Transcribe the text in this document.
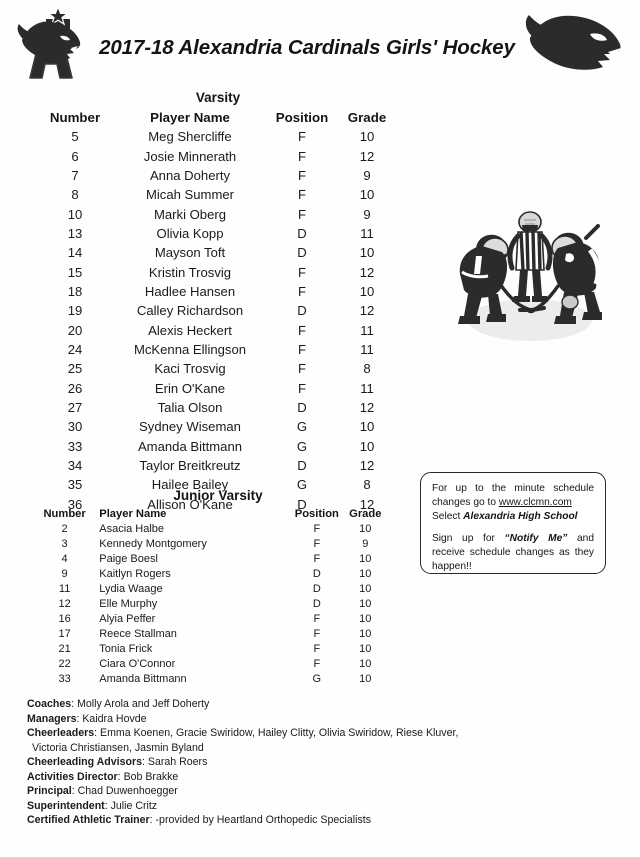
2017-18 Alexandria Cardinals Girls' Hockey
Varsity
Number	Player Name	Position	Grade
5	Meg Shercliffe	F	10
6	Josie Minnerath	F	12
7	Anna Doherty	F	9
8	Micah Summer	F	10
10	Marki Oberg	F	9
13	Olivia Kopp	D	11
14	Mayson Toft	D	10
15	Kristin Trosvig	F	12
18	Hadlee Hansen	F	10
19	Calley Richardson	D	12
20	Alexis Heckert	F	11
24	McKenna Ellingson	F	11
25	Kaci Trosvig	F	8
26	Erin O'Kane	F	11
27	Talia Olson	D	12
30	Sydney Wiseman	G	10
33	Amanda Bittmann	G	10
34	Taylor Breitkreutz	D	12
35	Hailee Bailey	G	8
36	Allison O'Kane	D	12
Junior Varsity
Number	Player Name	Position	Grade
2	Asacia Halbe	F	10
3	Kennedy Montgomery	F	9
4	Paige Boesl	F	10
9	Kaitlyn Rogers	D	10
11	Lydia Waage	D	10
12	Elle Murphy	D	10
16	Alyia Peffer	F	10
17	Reece Stallman	F	10
21	Tonia Frick	F	10
22	Ciara O'Connor	F	10
33	Amanda Bittmann	G	10

For up to the minute schedule changes go to www.clcmn.com
Select Alexandria High School

Sign up for “Notify Me” and receive schedule changes as they happen!!

Coaches: Molly Arola and Jeff Doherty
Managers: Kaidra Hovde
Cheerleaders: Emma Koenen, Gracie Swiridow, Hailey Clitty, Olivia Swiridow, Riese Kluver,
Victoria Christiansen, Jasmin Byland
Cheerleading Advisors: Sarah Roers
Activities Director: Bob Brakke
Principal: Chad Duwenhoegger
Superintendent: Julie Critz
Certified Athletic Trainer: -provided by Heartland Orthopedic Specialists
